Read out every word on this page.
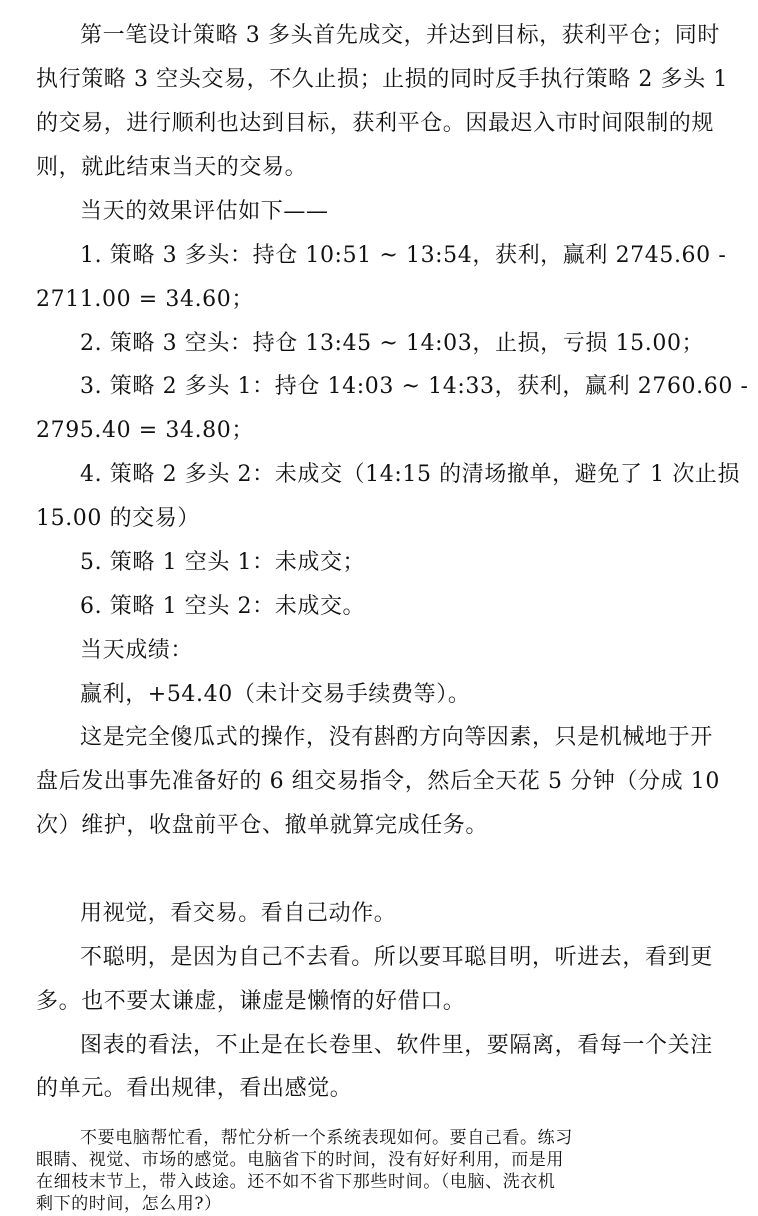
第一笔设计策略 3 多头首先成交，并达到目标，获利平仓；同时
执行策略 3 空头交易，不久止损；止损的同时反手执行策略 2 多头 1
的交易，进行顺利也达到目标，获利平仓。因最迟入市时间限制的规
则，就此结束当天的交易。
当天的效果评估如下——
1. 策略 3 多头：持仓 10:51 ~ 13:54，获利，赢利 2745.60 -
2711.00 = 34.60；
2. 策略 3 空头：持仓 13:45 ~ 14:03，止损，亏损 15.00；
3. 策略 2 多头 1：持仓 14:03 ~ 14:33，获利，赢利 2760.60 -
2795.40 = 34.80；
4. 策略 2 多头 2：未成交（14:15 的清场撤单，避免了 1 次止损
15.00 的交易）
5. 策略 1 空头 1：未成交；
6. 策略 1 空头 2：未成交。
当天成绩：
赢利，+54.40（未计交易手续费等）。
这是完全傻瓜式的操作，没有斟酌方向等因素，只是机械地于开
盘后发出事先准备好的 6 组交易指令，然后全天花 5 分钟（分成 10
次）维护，收盘前平仓、撤单就算完成任务。
用视觉，看交易。看自己动作。
不聪明，是因为自己不去看。所以要耳聪目明，听进去，看到更
多。也不要太谦虚，谦虚是懒惰的好借口。
图表的看法，不止是在长卷里、软件里，要隔离，看每一个关注
的单元。看出规律，看出感觉。
不要电脑帮忙看，帮忙分析一个系统表现如何。要自己看。练习
眼睛、视觉、市场的感觉。电脑省下的时间，没有好好利用，而是用
在细枝末节上，带入歧途。还不如不省下那些时间。（电脑、洗衣机
剩下的时间，怎么用?）
